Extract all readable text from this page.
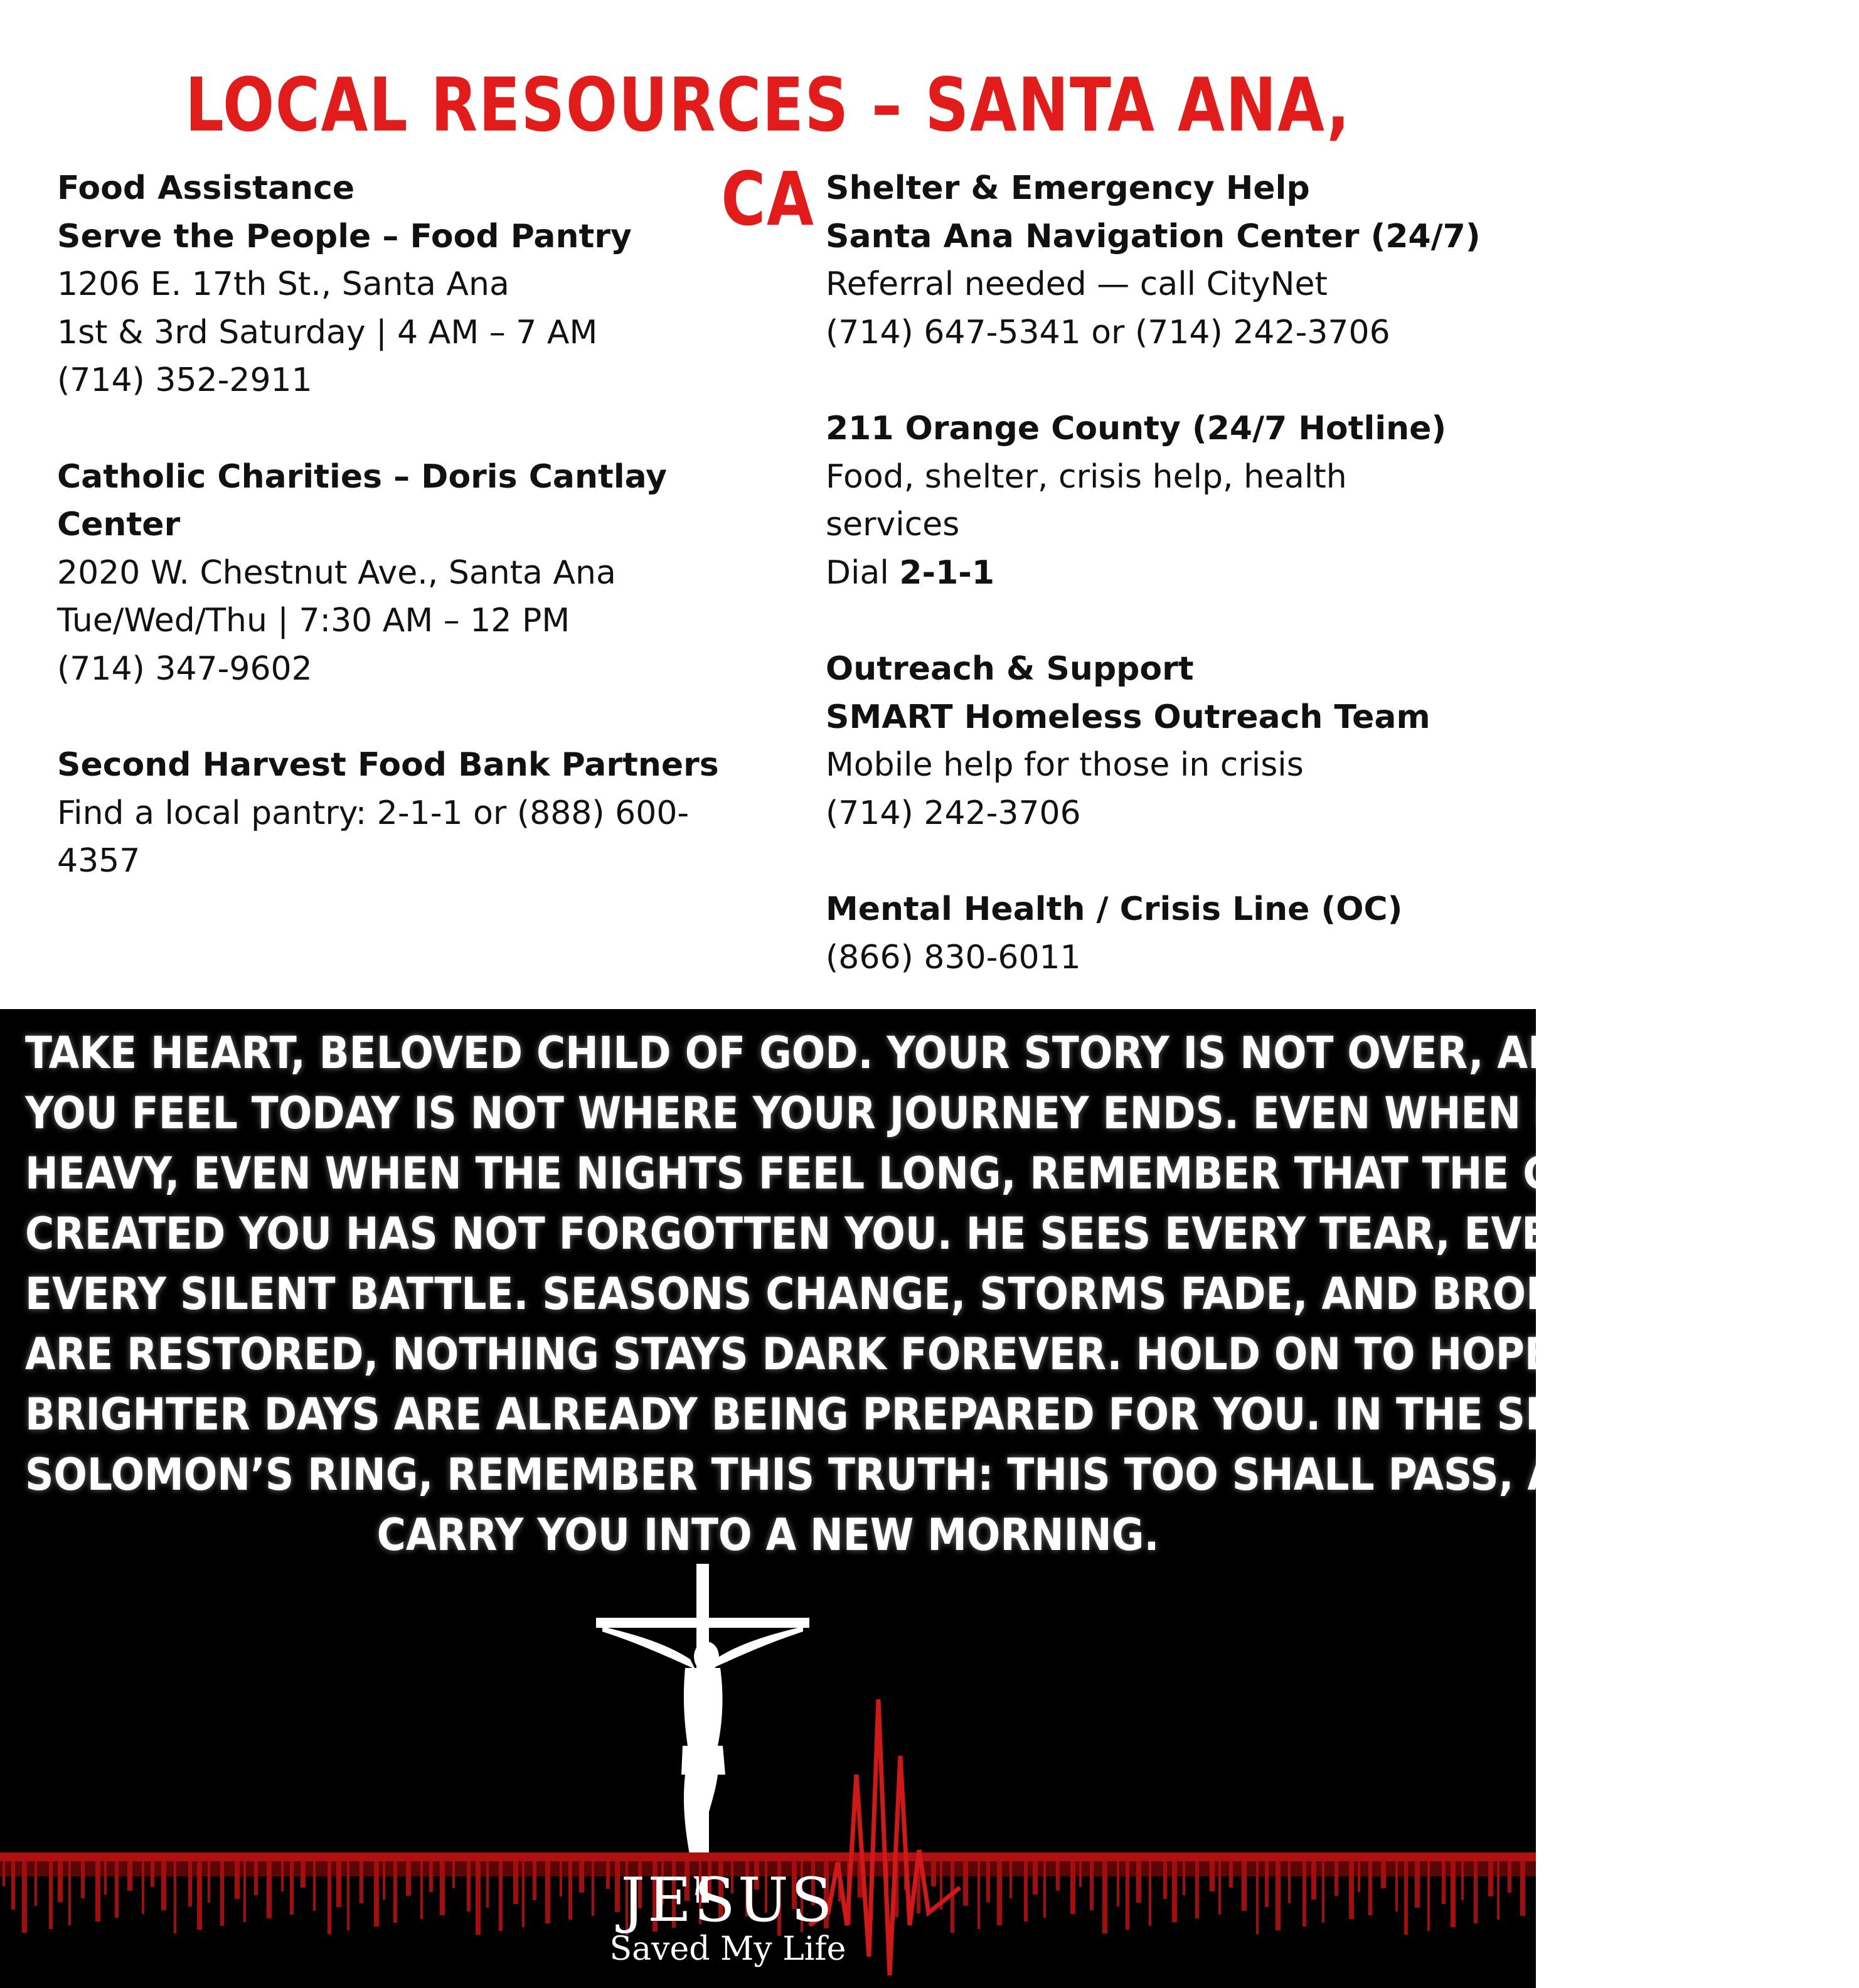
LOCAL RESOURCES – SANTA ANA, CA
Food Assistance
Serve the People – Food Pantry
1206 E. 17th St., Santa Ana
1st & 3rd Saturday | 4 AM – 7 AM
(714) 352-2911
Catholic Charities – Doris Cantlay
Center
2020 W. Chestnut Ave., Santa Ana
Tue/Wed/Thu | 7:30 AM – 12 PM
(714) 347-9602
Second Harvest Food Bank Partners
Find a local pantry: 2-1-1 or (888) 600-
4357
Shelter & Emergency Help
Santa Ana Navigation Center (24/7)
Referral needed — call CityNet
(714) 647-5341 or (714) 242-3706
211 Orange County (24/7 Hotline)
Food, shelter, crisis help, health
services
Dial 2-1-1
Outreach & Support
SMART Homeless Outreach Team
Mobile help for those in crisis
(714) 242-3706
Mental Health / Crisis Line (OC)
(866) 830-6011
TAKE HEART, BELOVED CHILD OF GOD. YOUR STORY IS NOT OVER, AND THE PAIN
YOU FEEL TODAY IS NOT WHERE YOUR JOURNEY ENDS. EVEN WHEN LIFE FEELS
HEAVY, EVEN WHEN THE NIGHTS FEEL LONG, REMEMBER THAT THE GOD WHO
CREATED YOU HAS NOT FORGOTTEN YOU. HE SEES EVERY TEAR, EVERY STEP,
EVERY SILENT BATTLE. SEASONS CHANGE, STORMS FADE, AND BROKEN ROADS
ARE RESTORED, NOTHING STAYS DARK FOREVER. HOLD ON TO HOPE, BECAUSE
BRIGHTER DAYS ARE ALREADY BEING PREPARED FOR YOU. IN THE SPIRIT OF KING
SOLOMON’S RING, REMEMBER THIS TRUTH: THIS TOO SHALL PASS, AND GOD WILL
CARRY YOU INTO A NEW MORNING.
JESUS
Saved My Life
